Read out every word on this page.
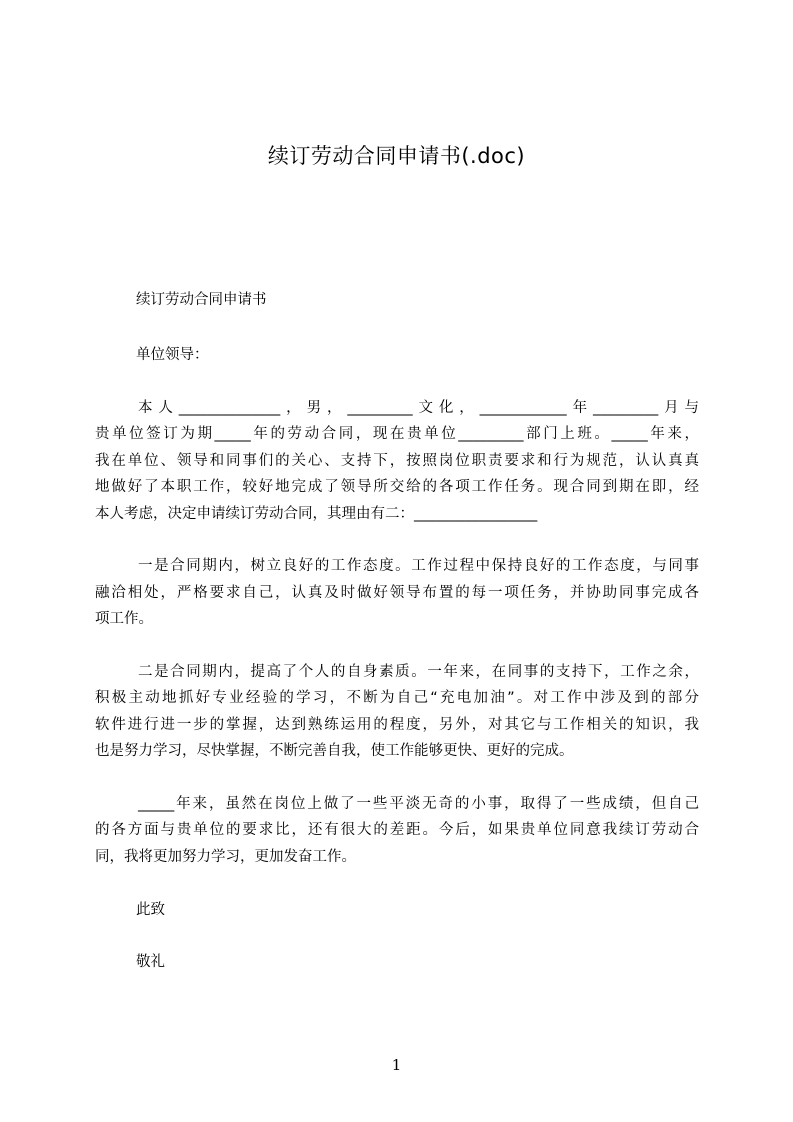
续订劳动合同申请书(.doc)
续订劳动合同申请书
单位领导：
本人______________，男，_________文化，____________年_________月与
贵单位签订为期_____年的劳动合同，现在贵单位_________部门上班。_____年来，
我在单位、领导和同事们的关心、支持下，按照岗位职责要求和行为规范，认认真真
地做好了本职工作，较好地完成了领导所交给的各项工作任务。现合同到期在即，经
本人考虑，决定申请续订劳动合同，其理由有二：_________________
一是合同期内，树立良好的工作态度。工作过程中保持良好的工作态度，与同事
融洽相处，严格要求自己，认真及时做好领导布置的每一项任务，并协助同事完成各
项工作。
二是合同期内，提高了个人的自身素质。一年来，在同事的支持下，工作之余，
积极主动地抓好专业经验的学习，不断为自己“充电加油”。对工作中涉及到的部分
软件进行进一步的掌握，达到熟练运用的程度，另外，对其它与工作相关的知识，我
也是努力学习，尽快掌握，不断完善自我，使工作能够更快、更好的完成。
_____年来，虽然在岗位上做了一些平淡无奇的小事，取得了一些成绩，但自己
的各方面与贵单位的要求比，还有很大的差距。今后，如果贵单位同意我续订劳动合
同，我将更加努力学习，更加发奋工作。
此致
敬礼
1
